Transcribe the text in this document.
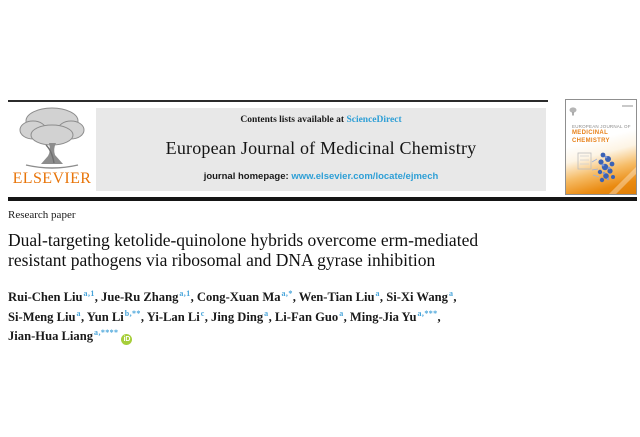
ELSEVIER
Contents lists available at ScienceDirect
European Journal of Medicinal Chemistry
journal homepage: www.elsevier.com/locate/ejmech
EUROPEAN JOURNAL OF
MEDICINAL
CHEMISTRY
Research paper
Dual-targeting ketolide-quinolone hybrids overcome erm-mediated
resistant pathogens via ribosomal and DNA gyrase inhibition
Rui-Chen Liu$^{a,1}$, Jue-Ru Zhang$^{a,1}$, Cong-Xuan Ma$^{a,*}$, Wen-Tian Liu$^a$, Si-Xi Wang$^a$,
Si-Meng Liu$^a$, Yun Li$^{b,**}$, Yi-Lan Li$^c$, Jing Ding$^a$, Li-Fan Guo$^a$, Ming-Jia Yu$^{a,***}$,
Jian-Hua Liang$^{a,****}$iD
